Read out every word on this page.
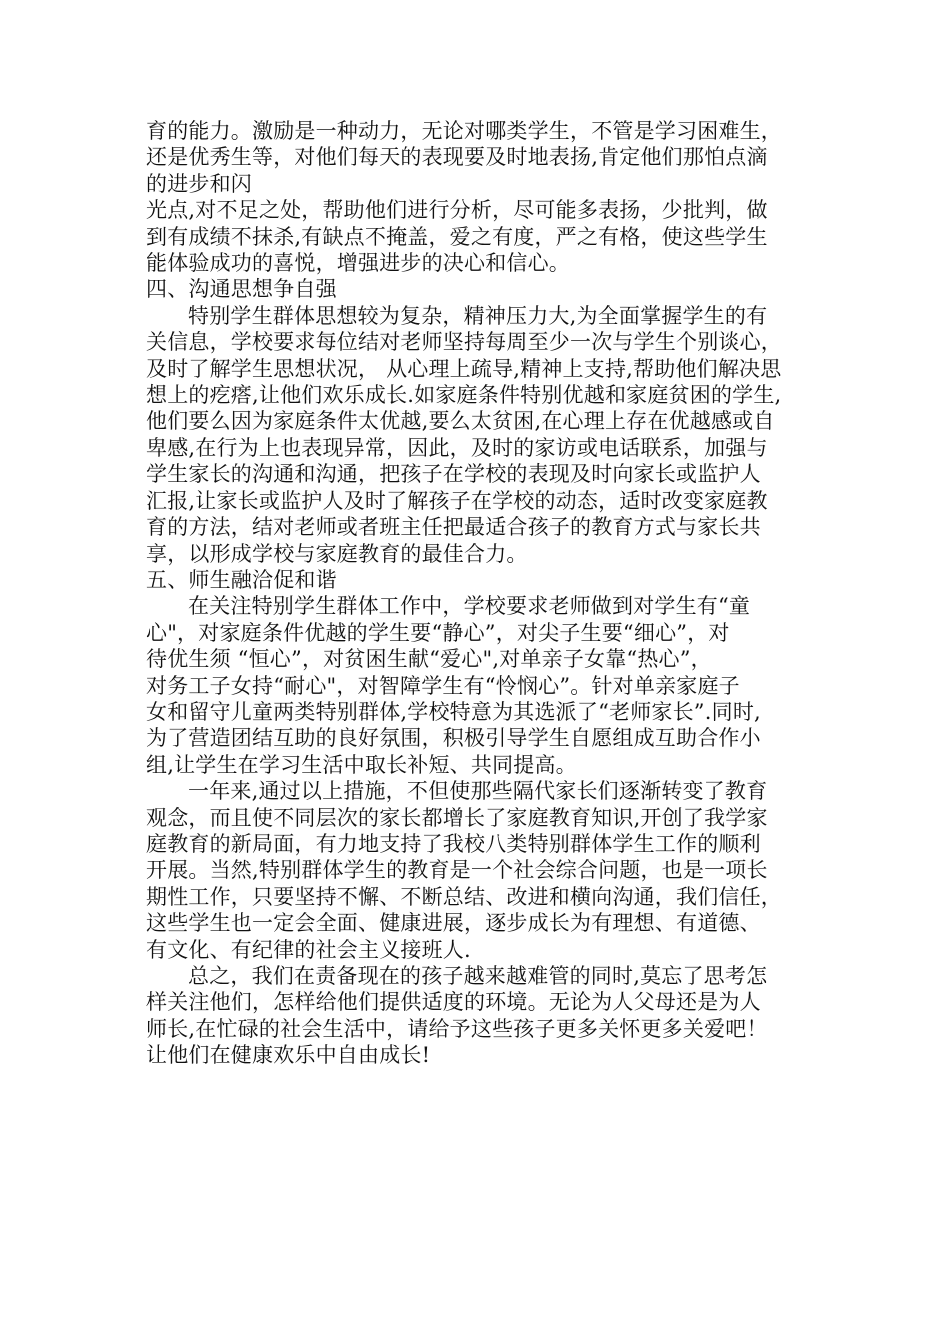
育的能力。激励是一种动力，无论对哪类学生，不管是学习困难生，
还是优秀生等，对他们每天的表现要及时地表扬,肯定他们那怕点滴
的进步和闪
光点,对不足之处，帮助他们进行分析，尽可能多表扬，少批判，做
到有成绩不抹杀,有缺点不掩盖，爱之有度，严之有格，使这些学生
能体验成功的喜悦，增强进步的决心和信心。
四、沟通思想争自强
特别学生群体思想较为复杂，精神压力大,为全面掌握学生的有
关信息，学校要求每位结对老师坚持每周至少一次与学生个别谈心，
及时了解学生思想状况， 从心理上疏导,精神上支持,帮助他们解决思
想上的疙瘩,让他们欢乐成长.如家庭条件特别优越和家庭贫困的学生,
他们要么因为家庭条件太优越,要么太贫困,在心理上存在优越感或自
卑感,在行为上也表现异常，因此，及时的家访或电话联系，加强与
学生家长的沟通和沟通，把孩子在学校的表现及时向家长或监护人
汇报,让家长或监护人及时了解孩子在学校的动态，适时改变家庭教
育的方法，结对老师或者班主任把最适合孩子的教育方式与家长共
享，以形成学校与家庭教育的最佳合力。
五、师生融洽促和谐
在关注特别学生群体工作中，学校要求老师做到对学生有“童
心"，对家庭条件优越的学生要“静心”，对尖子生要“细心”，对
待优生须 “恒心”，对贫困生献“爱心",对单亲子女靠“热心”，
对务工子女持“耐心"，对智障学生有“怜悯心”。针对单亲家庭子
女和留守儿童两类特别群体,学校特意为其选派了“老师家长”.同时,
为了营造团结互助的良好氛围，积极引导学生自愿组成互助合作小
组,让学生在学习生活中取长补短、共同提高。
一年来,通过以上措施，不但使那些隔代家长们逐渐转变了教育
观念，而且使不同层次的家长都增长了家庭教育知识,开创了我学家
庭教育的新局面，有力地支持了我校八类特别群体学生工作的顺利
开展。当然,特别群体学生的教育是一个社会综合问题，也是一项长
期性工作，只要坚持不懈、不断总结、改进和横向沟通，我们信任，
这些学生也一定会全面、健康进展，逐步成长为有理想、有道德、
有文化、有纪律的社会主义接班人.
总之，我们在责备现在的孩子越来越难管的同时,莫忘了思考怎
样关注他们，怎样给他们提供适度的环境。无论为人父母还是为人
师长,在忙碌的社会生活中，请给予这些孩子更多关怀更多关爱吧！
让他们在健康欢乐中自由成长!
